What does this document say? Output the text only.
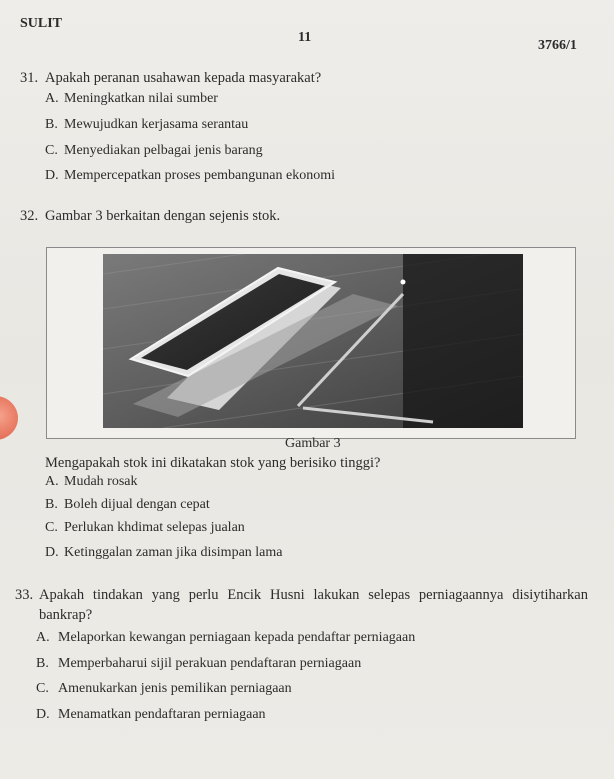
SULIT
11
3766/1
31. Apakah peranan usahawan kepada masyarakat?
A. Meningkatkan nilai sumber
B. Mewujudkan kerjasama serantau
C. Menyediakan pelbagai jenis barang
D. Mempercepatkan proses pembangunan ekonomi
32. Gambar 3 berkaitan dengan sejenis stok.
Gambar 3
Mengapakah stok ini dikatakan stok yang berisiko tinggi?
A. Mudah rosak
B. Boleh dijual dengan cepat
C. Perlukan khdimat selepas jualan
D. Ketinggalan zaman jika disimpan lama
33. Apakah tindakan yang perlu Encik Husni lakukan selepas perniagaannya disiytiharkan
bankrap?
A. Melaporkan kewangan perniagaan kepada pendaftar perniagaan
B. Memperbaharui sijil perakuan pendaftaran perniagaan
C. Amenukarkan jenis pemilikan perniagaan
D. Menamatkan pendaftaran perniagaan
